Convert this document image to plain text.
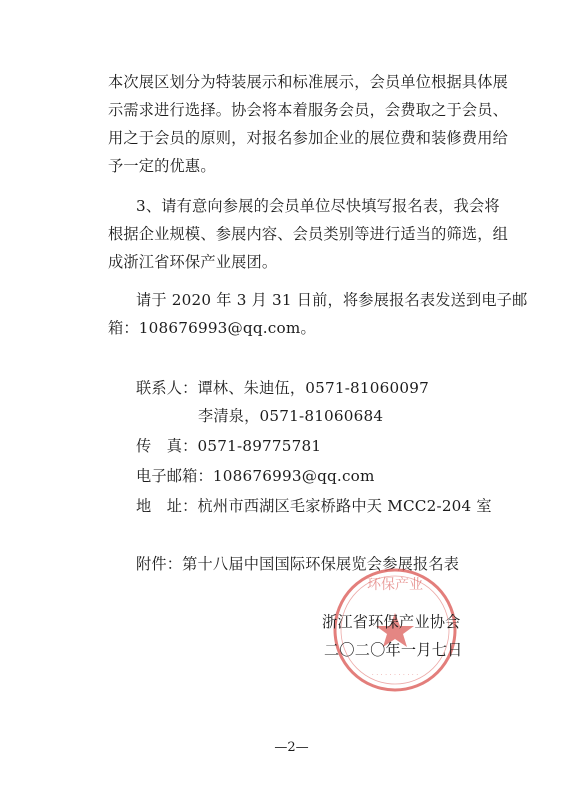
本次展区划分为特装展示和标准展示，会员单位根据具体展
示需求进行选择。协会将本着服务会员，会费取之于会员、
用之于会员的原则，对报名参加企业的展位费和装修费用给
予一定的优惠。
3、请有意向参展的会员单位尽快填写报名表，我会将
根据企业规模、参展内容、会员类别等进行适当的筛选，组
成浙江省环保产业展团。
请于 2020 年 3 月 31 日前，将参展报名表发送到电子邮
箱：108676993@qq.com。
联系人：谭林、朱迪伍，0571-81060097
李清泉，0571-81060684
传　真：0571-89775781
电子邮箱：108676993@qq.com
地　址：杭州市西湖区毛家桥路中天 MCC2-204 室
附件：第十八届中国国际环保展览会参展报名表
环保产业
· · · · · · · · · · ·
浙江省环保产业协会
二〇二〇年一月七日
—2—
